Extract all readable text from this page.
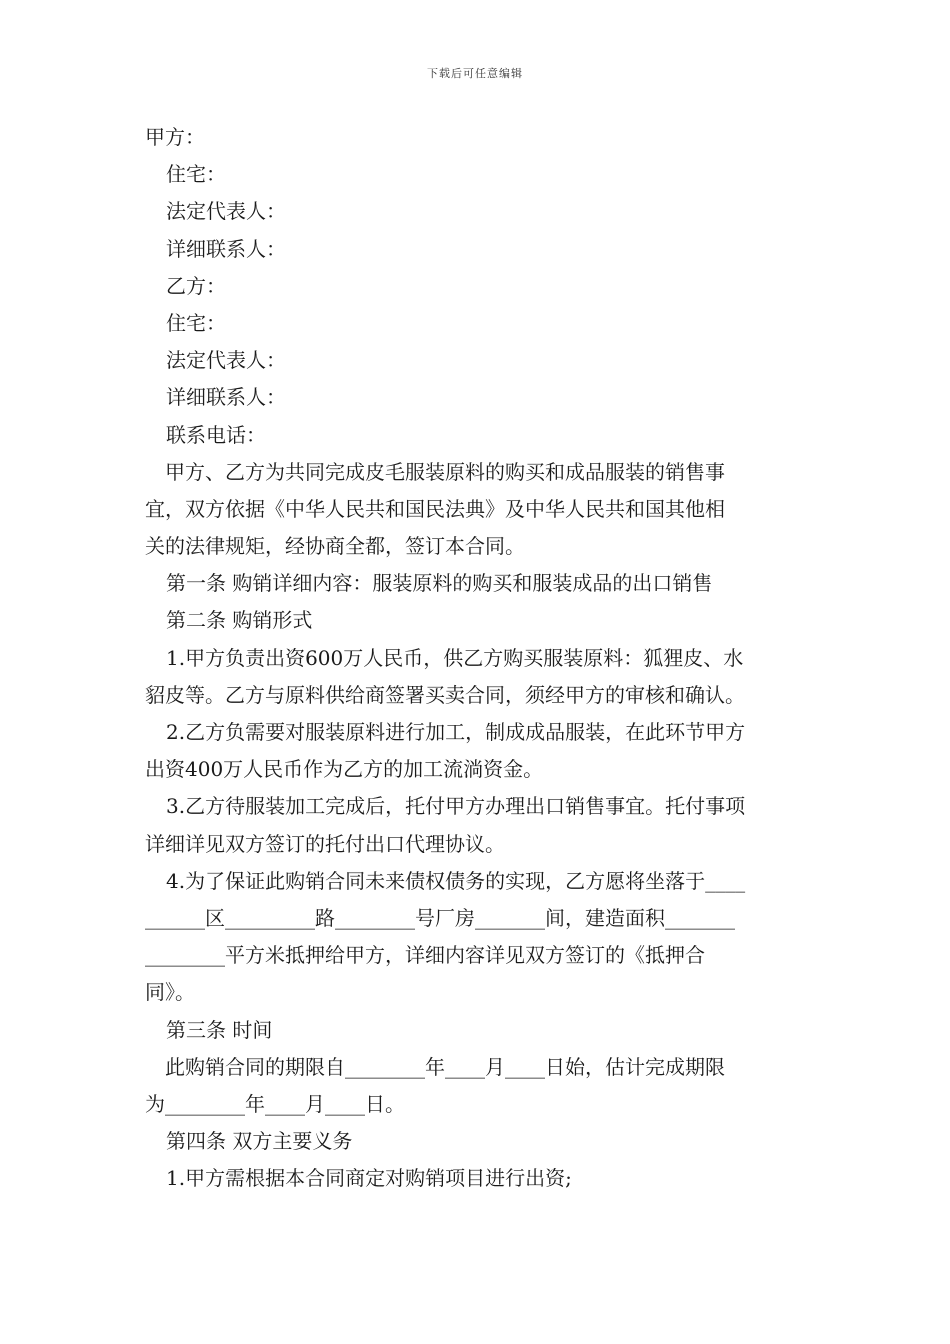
下载后可任意编辑
甲方：
住宅：
法定代表人：
详细联系人：
乙方：
住宅：
法定代表人：
详细联系人：
联系电话：
甲方、乙方为共同完成皮毛服装原料的购买和成品服装的销售事
宜，双方依据《中华人民共和国民法典》及中华人民共和国其他相
关的法律规矩，经协商全都，签订本合同。
第一条 购销详细内容：服装原料的购买和服装成品的出口销售
第二条 购销形式
1.甲方负责出资600万人民币，供乙方购买服装原料：狐狸皮、水
貂皮等。乙方与原料供给商签署买卖合同，须经甲方的审核和确认。
2.乙方负需要对服装原料进行加工，制成成品服装，在此环节甲方
出资400万人民币作为乙方的加工流淌资金。
3.乙方待服装加工完成后，托付甲方办理出口销售事宜。托付事项
详细详见双方签订的托付出口代理协议。
4.为了保证此购销合同未来债权债务的实现，乙方愿将坐落于____
______区_________路________号厂房_______间，建造面积_______
________平方米抵押给甲方，详细内容详见双方签订的《抵押合
同》。
第三条 时间
此购销合同的期限自________年____月____日始，估计完成期限
为________年____月____日。
第四条 双方主要义务
1.甲方需根据本合同商定对购销项目进行出资;
